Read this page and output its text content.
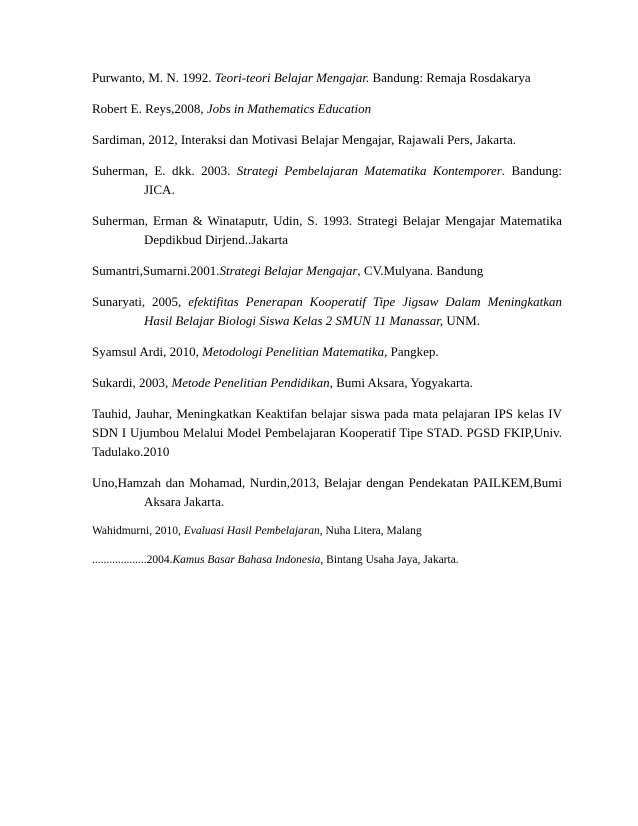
Purwanto, M. N. 1992. Teori-teori Belajar Mengajar. Bandung: Remaja Rosdakarya

Robert E. Reys,2008, Jobs in Mathematics Education

Sardiman, 2012, Interaksi dan Motivasi Belajar Mengajar, Rajawali Pers, Jakarta.

Suherman, E. dkk. 2003. Strategi Pembelajaran Matematika Kontemporer. Bandung: JICA.

Suherman, Erman & Winataputr, Udin, S. 1993. Strategi Belajar Mengajar Matematika Depdikbud Dirjend..Jakarta

Sumantri,Sumarni.2001.Strategi Belajar Mengajar, CV.Mulyana. Bandung

Sunaryati, 2005, efektifitas Penerapan Kooperatif Tipe Jigsaw Dalam Meningkatkan Hasil Belajar Biologi Siswa Kelas 2 SMUN 11 Manassar, UNM.

Syamsul Ardi, 2010, Metodologi Penelitian Matematika, Pangkep.

Sukardi, 2003, Metode Penelitian Pendidikan, Bumi Aksara, Yogyakarta.

Tauhid, Jauhar, Meningkatkan Keaktifan belajar siswa pada mata pelajaran IPS kelas IV SDN I Ujumbou Melalui Model Pembelajaran Kooperatif Tipe STAD. PGSD FKIP,Univ. Tadulako.2010

Uno,Hamzah dan Mohamad, Nurdin,2013, Belajar dengan Pendekatan PAILKEM,Bumi Aksara Jakarta.

Wahidmurni, 2010, Evaluasi Hasil Pembelajaran, Nuha Litera, Malang

...................2004.Kamus Basar Bahasa Indonesia, Bintang Usaha Jaya, Jakarta.
